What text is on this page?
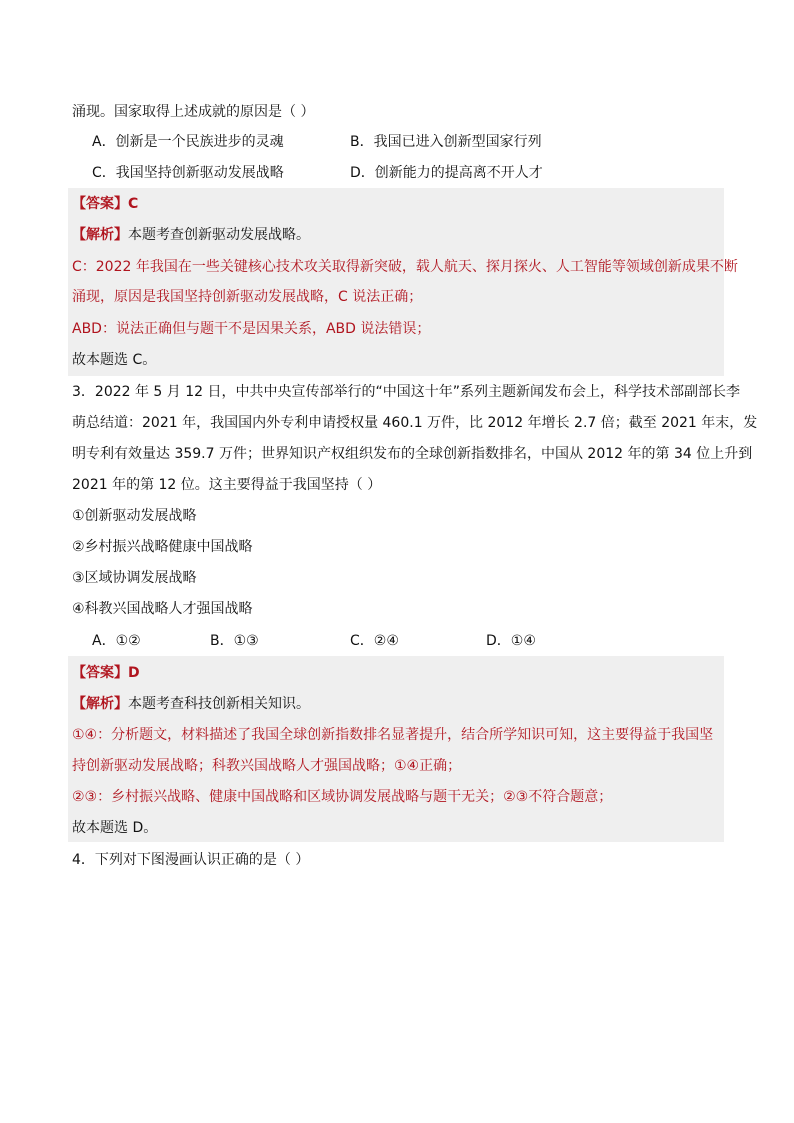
涌现。国家取得上述成就的原因是（ ）
A．创新是一个民族进步的灵魂	B．我国已进入创新型国家行列
C．我国坚持创新驱动发展战略	D．创新能力的提高离不开人才
【答案】C
【解析】本题考查创新驱动发展战略。
C：2022 年我国在一些关键核心技术攻关取得新突破，载人航天、探月探火、人工智能等领域创新成果不断
涌现，原因是我国坚持创新驱动发展战略，C 说法正确；
ABD：说法正确但与题干不是因果关系，ABD 说法错误；
故本题选 C。
3．2022 年 5 月 12 日，中共中央宣传部举行的“中国这十年”系列主题新闻发布会上，科学技术部副部长李
萌总结道：2021 年，我国国内外专利申请授权量 460.1 万件，比 2012 年增长 2.7 倍；截至 2021 年末，发
明专利有效量达 359.7 万件；世界知识产权组织发布的全球创新指数排名，中国从 2012 年的第 34 位上升到
2021 年的第 12 位。这主要得益于我国坚持（ ）
①创新驱动发展战略
②乡村振兴战略健康中国战略
③区域协调发展战略
④科教兴国战略人才强国战略
A．①②	B．①③	C．②④	D．①④
【答案】D
【解析】本题考查科技创新相关知识。
①④：分析题文，材料描述了我国全球创新指数排名显著提升，结合所学知识可知，这主要得益于我国坚
持创新驱动发展战略；科教兴国战略人才强国战略；①④正确；
②③：乡村振兴战略、健康中国战略和区域协调发展战略与题干无关；②③不符合题意；
故本题选 D。
4．下列对下图漫画认识正确的是（ ）
